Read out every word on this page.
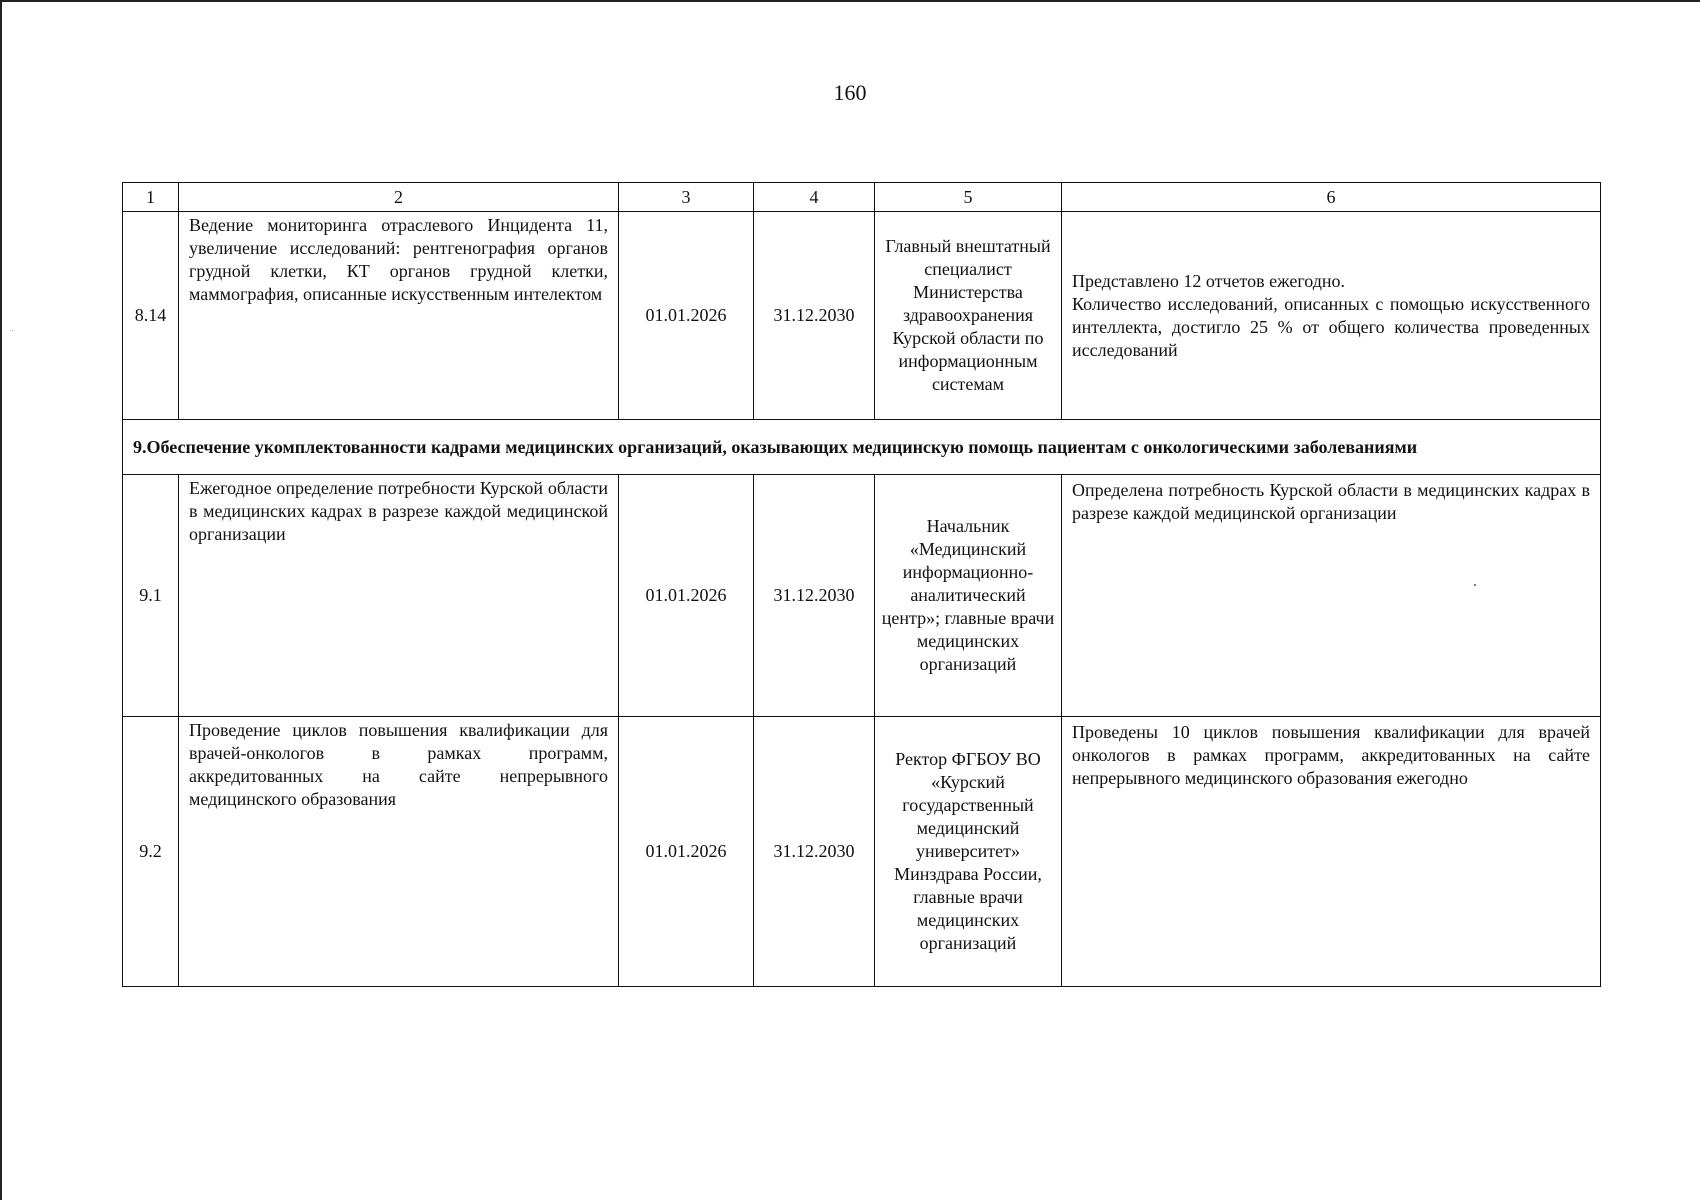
160
1	2	3	4	5	6
8.14	Ведение мониторинга отраслевого Инцидента 11, увеличение исследований: рентгенография органов грудной клетки, КТ органов грудной клетки, маммография, описанные искусственным интелектом	01.01.2026	31.12.2030	Главный внештатный специалист Министерства здравоохранения Курской области по информационным системам	Представлено 12 отчетов ежегодно.
Количество исследований, описанных с помощью искусственного интеллекта, достигло 25 % от общего количества проведенных исследований

9.Обеспечение укомплектованности кадрами медицинских организаций, оказывающих медицинскую помощь пациентам с онкологическими заболеваниями					
9.1	Ежегодное определение потребности Курской области в медицинских кадрах в разрезе каждой медицинской организации	01.01.2026	31.12.2030	Начальник «Медицинский информационно-аналитический центр»; главные врачи медицинских организаций	Определена потребность Курской области в медицинских кадрах в разрезе каждой медицинской организации
9.2	Проведение циклов повышения квалификации для врачей-онкологов в рамках программ, аккредитованных на сайте непрерывного медицинского образования	01.01.2026	31.12.2030	Ректор ФГБОУ ВО «Курский государственный медицинский университет» Минздрава России, главные врачи медицинских организаций	Проведены 10 циклов повышения квалификации для врачей онкологов в рамках программ, аккредитованных на сайте непрерывного медицинского образования ежегодно
